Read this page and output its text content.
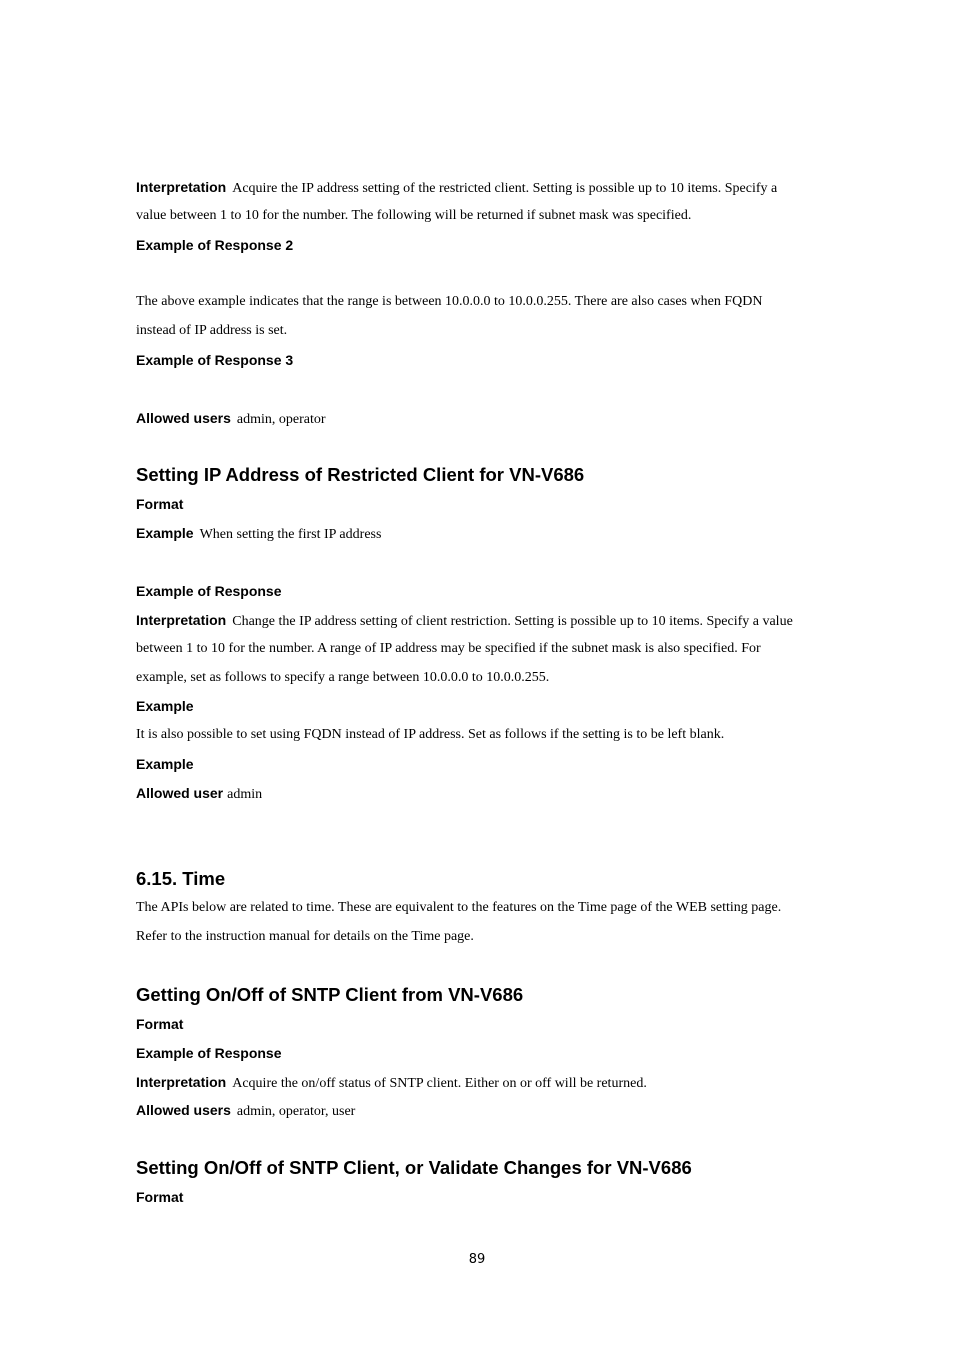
Interpretation Acquire the IP address setting of the restricted client. Setting is possible up to 10 items. Specify a
value between 1 to 10 for the number. The following will be returned if subnet mask was specified.
Example of Response 2
The above example indicates that the range is between 10.0.0.0 to 10.0.0.255. There are also cases when FQDN
instead of IP address is set.
Example of Response 3
Allowed users admin, operator
Setting IP Address of Restricted Client for VN-V686
Format
Example When setting the first IP address
Example of Response
Interpretation Change the IP address setting of client restriction. Setting is possible up to 10 items. Specify a value
between 1 to 10 for the number. A range of IP address may be specified if the subnet mask is also specified. For
example, set as follows to specify a range between 10.0.0.0 to 10.0.0.255.
Example
It is also possible to set using FQDN instead of IP address. Set as follows if the setting is to be left blank.
Example
Allowed user admin
6.15. Time
The APIs below are related to time. These are equivalent to the features on the Time page of the WEB setting page.
Refer to the instruction manual for details on the Time page.
Getting On/Off of SNTP Client from VN-V686
Format
Example of Response
Interpretation Acquire the on/off status of SNTP client. Either on or off will be returned.
Allowed users admin, operator, user
Setting On/Off of SNTP Client, or Validate Changes for VN-V686
Format
89
